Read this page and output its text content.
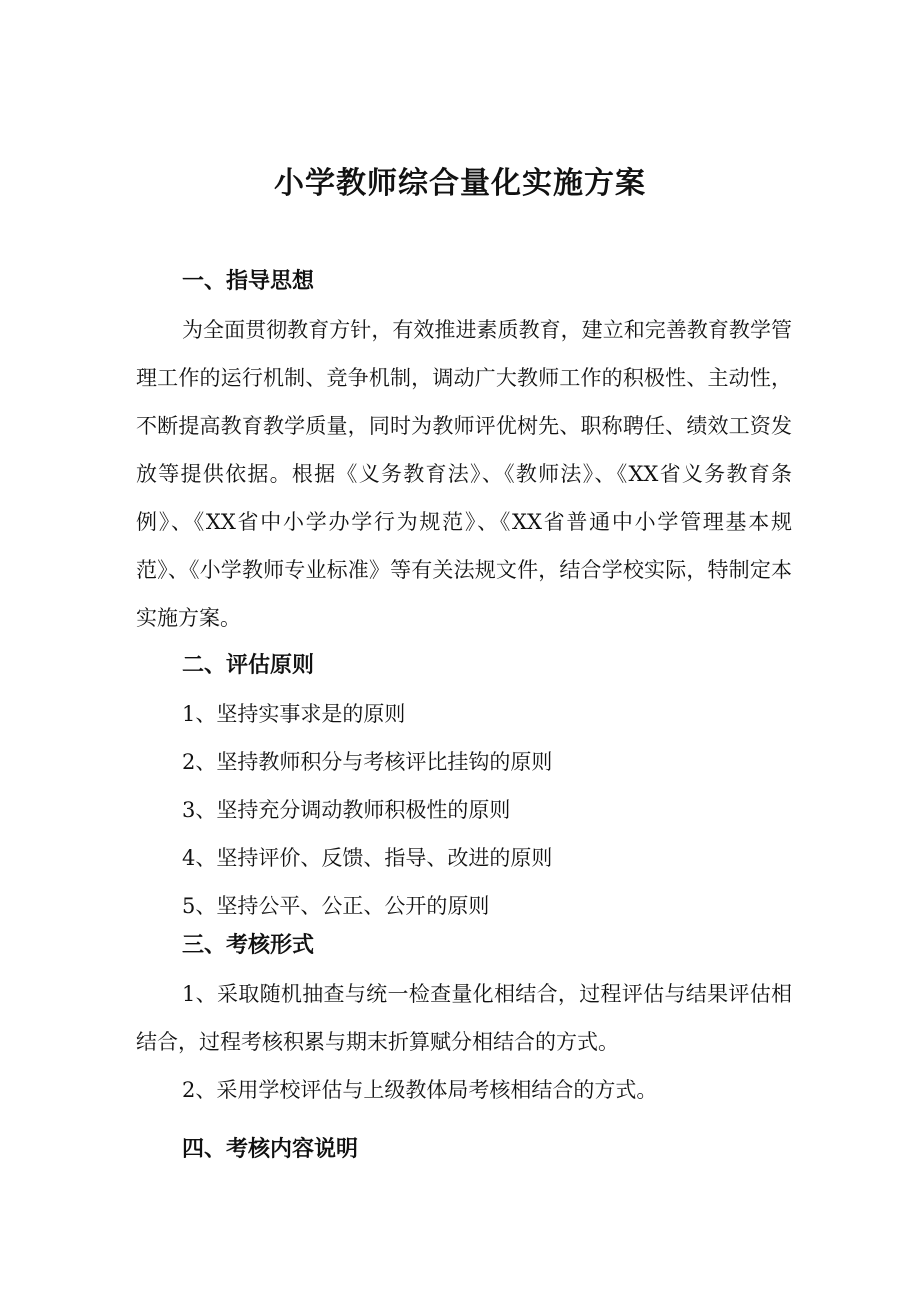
小学教师综合量化实施方案
一、指导思想

为全面贯彻教育方针，有效推进素质教育，建立和完善教育教学管理工作的运行机制、竞争机制，调动广大教师工作的积极性、主动性，不断提高教育教学质量，同时为教师评优树先、职称聘任、绩效工资发放等提供依据。根据《义务教育法》、《教师法》、《XX省义务教育条例》、《XX省中小学办学行为规范》、《XX省普通中小学管理基本规范》、《小学教师专业标准》等有关法规文件，结合学校实际，特制定本实施方案。

二、评估原则
1、坚持实事求是的原则
2、坚持教师积分与考核评比挂钩的原则
3、坚持充分调动教师积极性的原则
4、坚持评价、反馈、指导、改进的原则
5、坚持公平、公正、公开的原则
三、考核形式

1、采取随机抽查与统一检查量化相结合，过程评估与结果评估相结合，过程考核积累与期末折算赋分相结合的方式。

2、采用学校评估与上级教体局考核相结合的方式。

四、考核内容说明
